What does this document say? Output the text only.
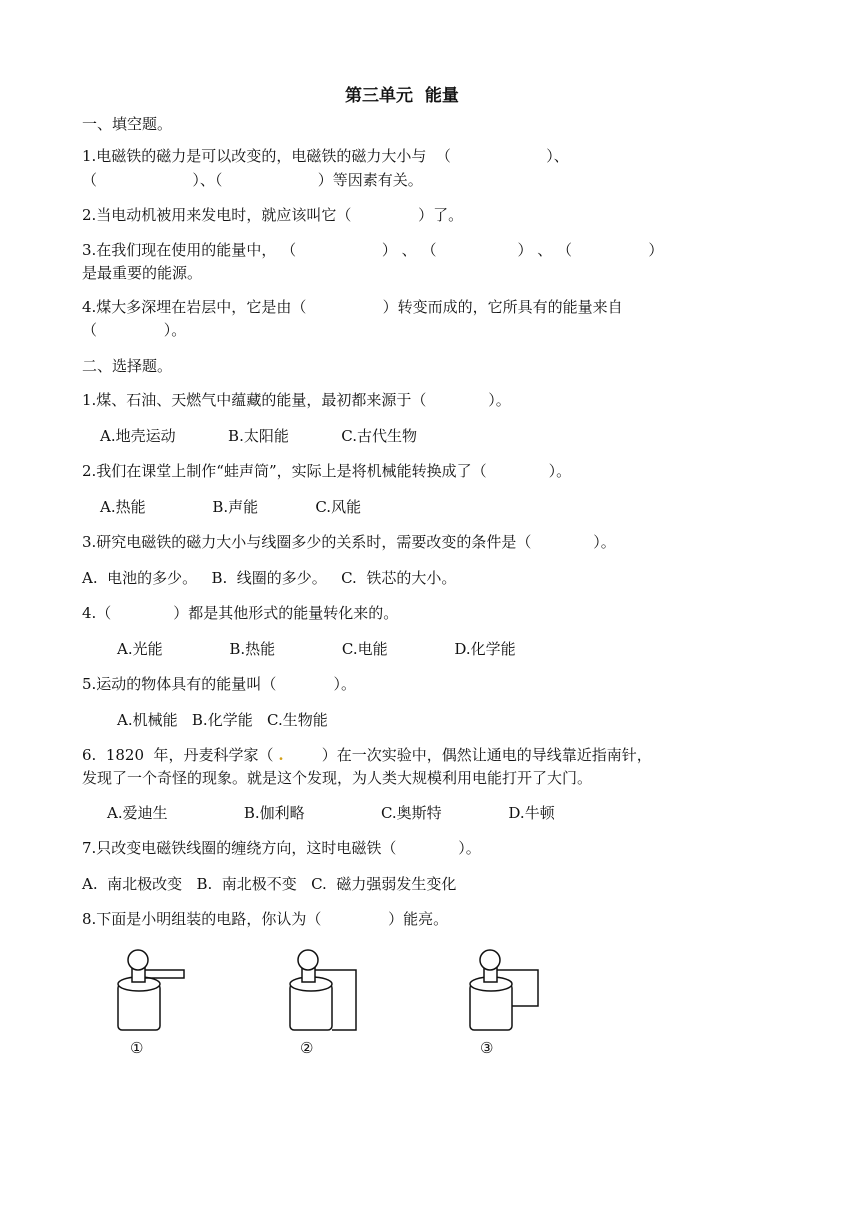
第三单元  能量
一、填空题。
1.电磁铁的磁力是可以改变的，电磁铁的磁力大小与  （                    ）、
（                    ）、（                    ）等因素有关。
2.当电动机被用来发电时，就应该叫它（              ）了。
3.在我们现在使用的能量中， （                  ） 、 （                 ） 、 （                ）
是最重要的能源。
4.煤大多深埋在岩层中，它是由（                ）转变而成的，它所具有的能量来自
（              ）。
二、选择题。
1.煤、石油、天燃气中蕴藏的能量，最初都来源于（             ）。
A.地壳运动           B.太阳能           C.古代生物
2.我们在课堂上制作“蛙声筒”，实际上是将机械能转换成了（             ）。
A.热能              B.声能            C.风能
3.研究电磁铁的磁力大小与线圈多少的关系时，需要改变的条件是（             ）。
A.  电池的多少。   B.  线圈的多少。   C.  铁芯的大小。
4.（             ）都是其他形式的能量转化来的。
A.光能              B.热能              C.电能              D.化学能
5.运动的物体具有的能量叫（            ）。
A.机械能   B.化学能   C.生物能
6.  1820  年，丹麦科学家（ .        ）在一次实验中，偶然让通电的导线靠近指南针，
发现了一个奇怪的现象。就是这个发现，为人类大规模利用电能打开了大门。
A.爱迪生                B.伽利略                C.奥斯特              D.牛顿
7.只改变电磁铁线圈的缠绕方向，这时电磁铁（             ）。
A.  南北极改变   B.  南北极不变   C.  磁力强弱发生变化
8.下面是小明组装的电路，你认为（              ）能亮。
①	②	③
